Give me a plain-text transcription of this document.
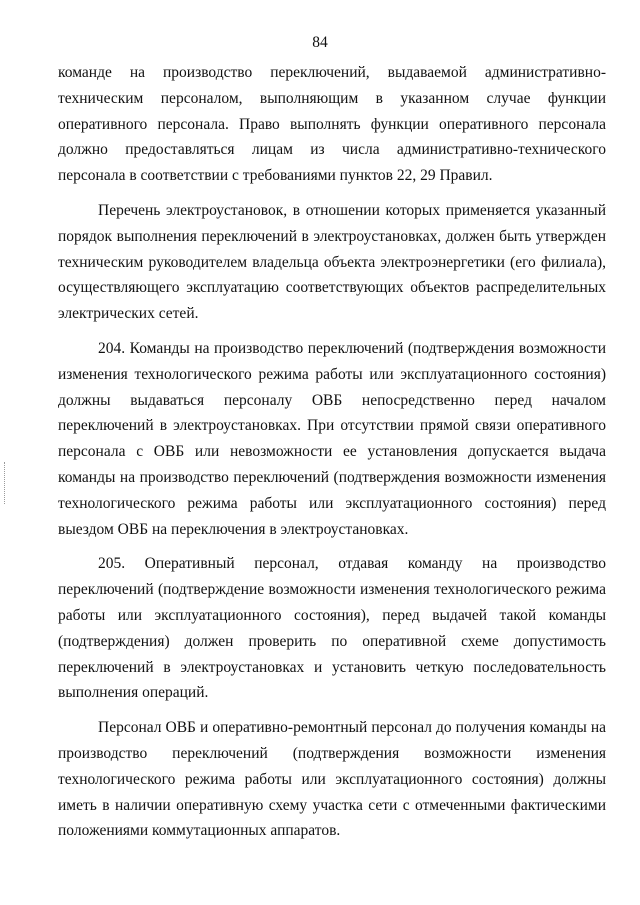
84

команде на производство переключений, выдаваемой административно-техническим персоналом, выполняющим в указанном случае функции оперативного персонала. Право выполнять функции оперативного персонала должно предоставляться лицам из числа административно-технического персонала в соответствии с требованиями пунктов 22, 29 Правил.

Перечень электроустановок, в отношении которых применяется указанный порядок выполнения переключений в электроустановках, должен быть утвержден техническим руководителем владельца объекта электроэнергетики (его филиала), осуществляющего эксплуатацию соответствующих объектов распределительных электрических сетей.

204. Команды на производство переключений (подтверждения возможности изменения технологического режима работы или эксплуатационного состояния) должны выдаваться персоналу ОВБ непосредственно перед началом переключений в электроустановках. При отсутствии прямой связи оперативного персонала с ОВБ или невозможности ее установления допускается выдача команды на производство переключений (подтверждения возможности изменения технологического режима работы или эксплуатационного состояния) перед выездом ОВБ на переключения в электроустановках.

205. Оперативный персонал, отдавая команду на производство переключений (подтверждение возможности изменения технологического режима работы или эксплуатационного состояния), перед выдачей такой команды (подтверждения) должен проверить по оперативной схеме допустимость переключений в электроустановках и установить четкую последовательность выполнения операций.

Персонал ОВБ и оперативно-ремонтный персонал до получения команды на производство переключений (подтверждения возможности изменения технологического режима работы или эксплуатационного состояния) должны иметь в наличии оперативную схему участка сети с отмеченными фактическими положениями коммутационных аппаратов.
